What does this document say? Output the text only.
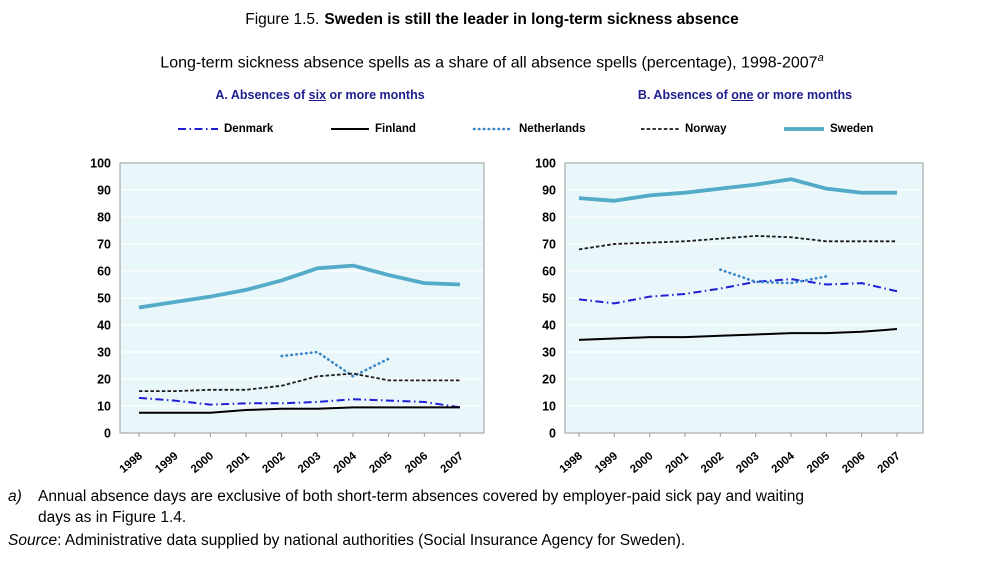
Figure 1.5. Sweden is still the leader in long-term sickness absence
Long-term sickness absence spells as a share of all absence spells (percentage), 1998-2007$^a$
A. Absences of six or more months	B. Absences of one or more months
Denmark	Finland	Netherlands	Norway	Sweden
0
10
20
30
40
50
60
70
80
90
100
1998 1999 2000 2001 2002 2003 2004 2005 2006 2007
0
10
20
30
40
50
60
70
80
90
100
1998 1999 2000 2001 2002 2003 2004 2005 2006 2007
a)	Annual absence days are exclusive of both short-term absences covered by employer-paid sick pay and waiting
days as in Figure 1.4.
Source: Administrative data supplied by national authorities (Social Insurance Agency for Sweden).
